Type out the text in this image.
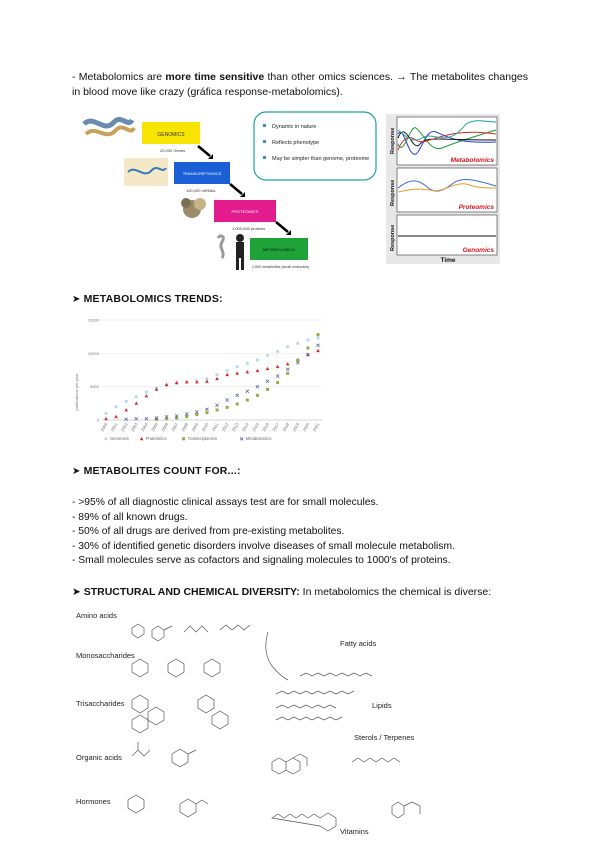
- Metabolomics are more time sensitive than other omics sciences. → The metabolites changes in blood move like crazy (gráfica response-metabolomics).
GENOMICS
25,000 Genes
TRANSCRIPTOMICS
100,000 mRNAs
PROTEOMICS
1,000,000 proteins
METABOLOMICS
2,500 metabolites (small molecules)
Dynamic in nature
Reflects phenotype
May be simpler than genome, proteome
Response
Metabolomics
Response
Proteomics
Response	Genomics
Time
➤ METABOLOMICS TRENDS:
0
5000
10000
15000
2000 2001 2002 2003 2004 2005 2006 2007 2008 2009 2010 2011 2012 2013 2014 2015 2016 2017 2018 2019 2020 2021
Genomics	Proteomics	Transcriptomics	Metabolomics
publications per year
➤ METABOLITES COUNT FOR...:
- >95% of all diagnostic clinical assays test are for small molecules.
- 89% of all known drugs.
- 50% of all drugs are derived from pre-existing metabolites.
- 30% of identified genetic disorders involve diseases of small molecule metabolism.
- Small molecules serve as cofactors and signaling molecules to 1000's of proteins.
➤ STRUCTURAL AND CHEMICAL DIVERSITY: In metabolomics the chemical is diverse:
Amino acids
Monosaccharides
Trisaccharides
Organic acids
Hormones
Fatty acids
Lipids
Sterols / Terpenes
Vitamins
